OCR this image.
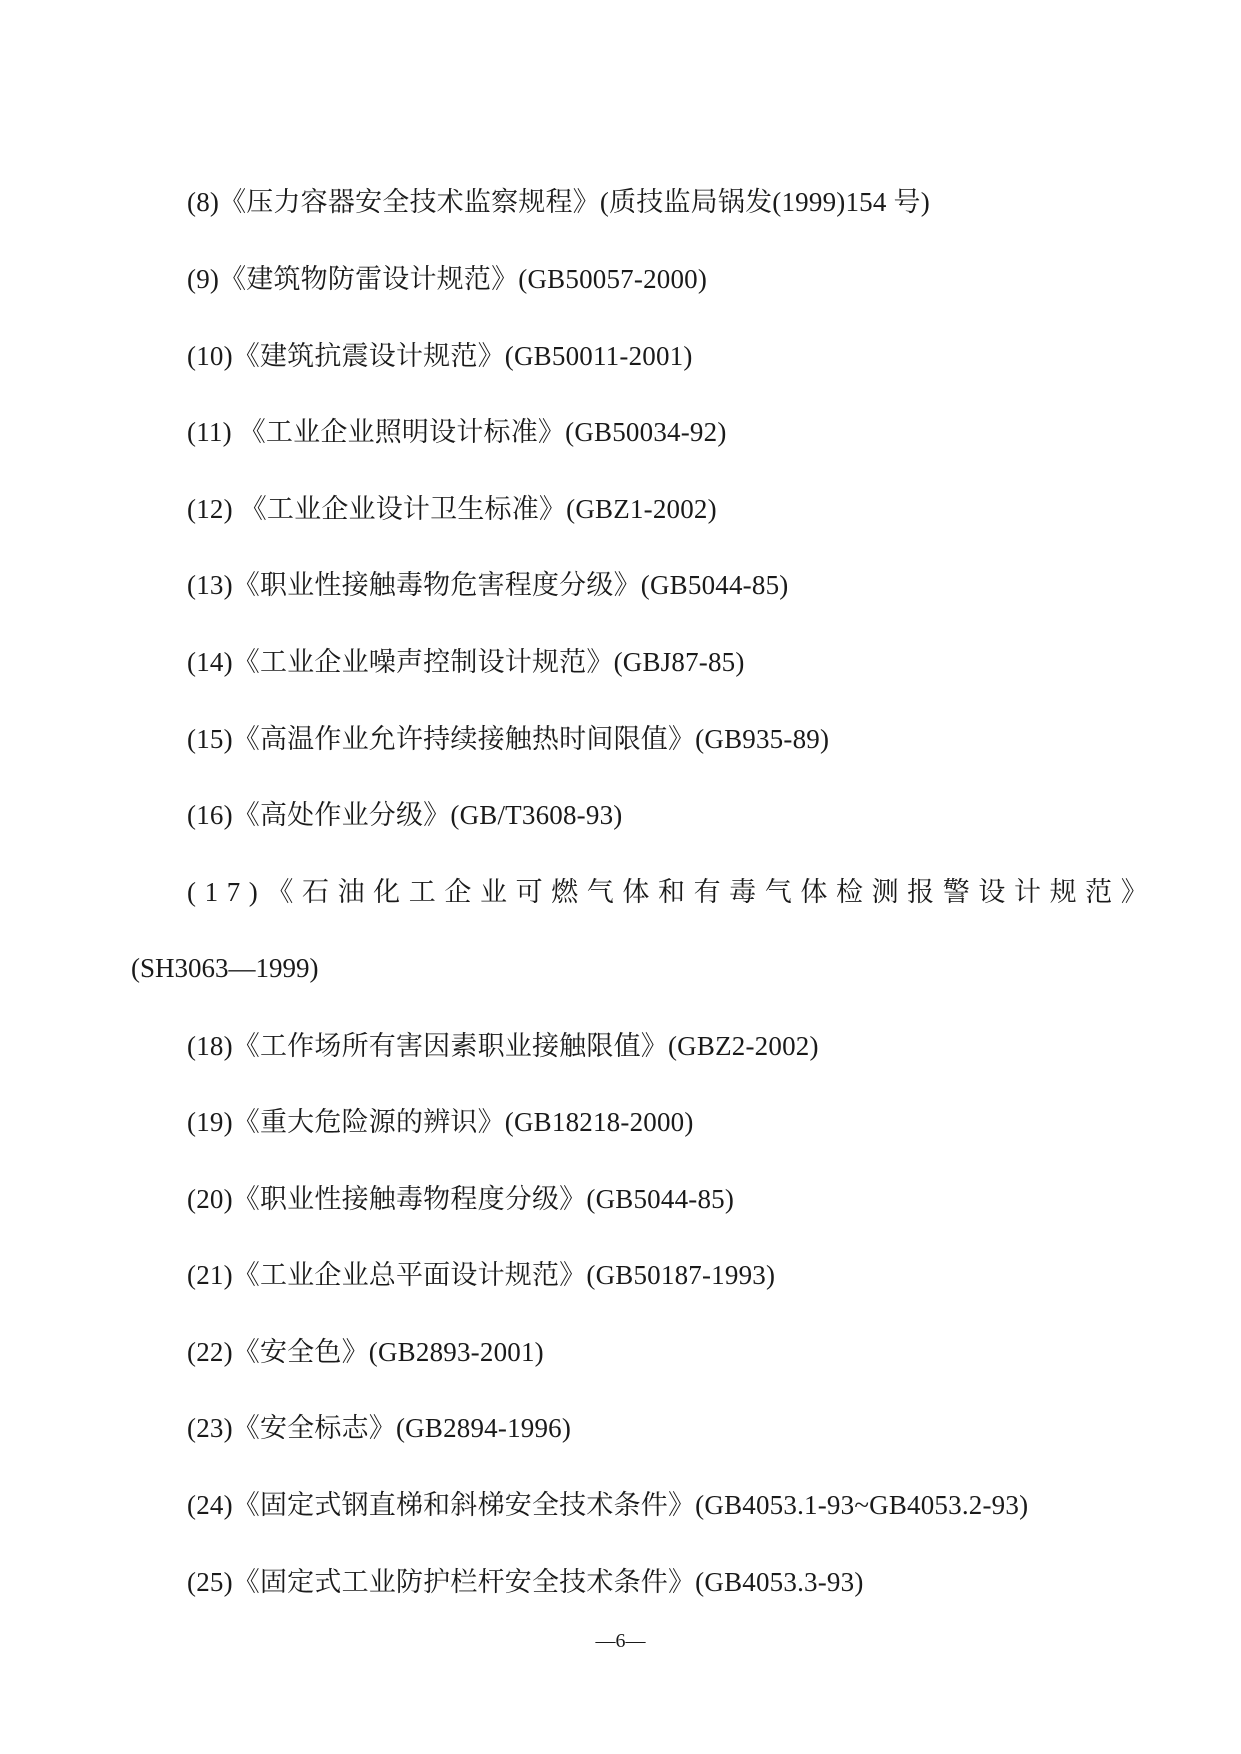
(8)《压力容器安全技术监察规程》(质技监局锅发(1999)154 号)
(9)《建筑物防雷设计规范》(GB50057-2000)
(10)《建筑抗震设计规范》(GB50011-2001)
(11) 《工业企业照明设计标准》(GB50034-92)
(12) 《工业企业设计卫生标准》(GBZ1-2002)
(13)《职业性接触毒物危害程度分级》(GB5044-85)
(14)《工业企业噪声控制设计规范》(GBJ87-85)
(15)《高温作业允许持续接触热时间限值》(GB935-89)
(16)《高处作业分级》(GB/T3608-93)
(17)《石油化工企业可燃气体和有毒气体检测报警设计规范》
(SH3063—1999)
(18)《工作场所有害因素职业接触限值》(GBZ2-2002)
(19)《重大危险源的辨识》(GB18218-2000)
(20)《职业性接触毒物程度分级》(GB5044-85)
(21)《工业企业总平面设计规范》(GB50187-1993)
(22)《安全色》(GB2893-2001)
(23)《安全标志》(GB2894-1996)
(24)《固定式钢直梯和斜梯安全技术条件》(GB4053.1-93~GB4053.2-93)
(25)《固定式工业防护栏杆安全技术条件》(GB4053.3-93)
—6—
